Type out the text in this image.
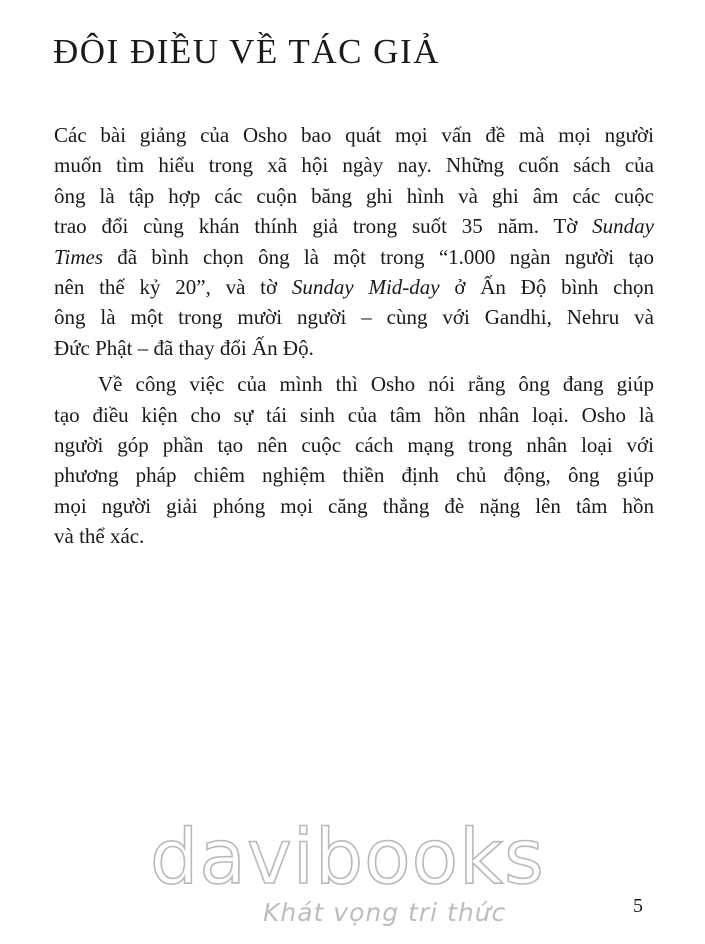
ĐÔI ĐIỀU VỀ TÁC GIẢ

Các bài giảng của Osho bao quát mọi vấn đề mà mọi người
muốn tìm hiểu trong xã hội ngày nay. Những cuốn sách của
ông là tập hợp các cuộn băng ghi hình và ghi âm các cuộc
trao đổi cùng khán thính giả trong suốt 35 năm. Tờ Sunday
Times đã bình chọn ông là một trong “1.000 ngàn người tạo
nên thế kỷ 20”, và tờ Sunday Mid-day ở Ấn Độ bình chọn
ông là một trong mười người – cùng với Gandhi, Nehru và
Đức Phật – đã thay đổi Ấn Độ.

Về công việc của mình thì Osho nói rằng ông đang giúp
tạo điều kiện cho sự tái sinh của tâm hồn nhân loại. Osho là
người góp phần tạo nên cuộc cách mạng trong nhân loại với
phương pháp chiêm nghiệm thiền định chủ động, ông giúp
mọi người giải phóng mọi căng thẳng đè nặng lên tâm hồn
và thể xác.

davibooks
Khát vọng tri thức	5
